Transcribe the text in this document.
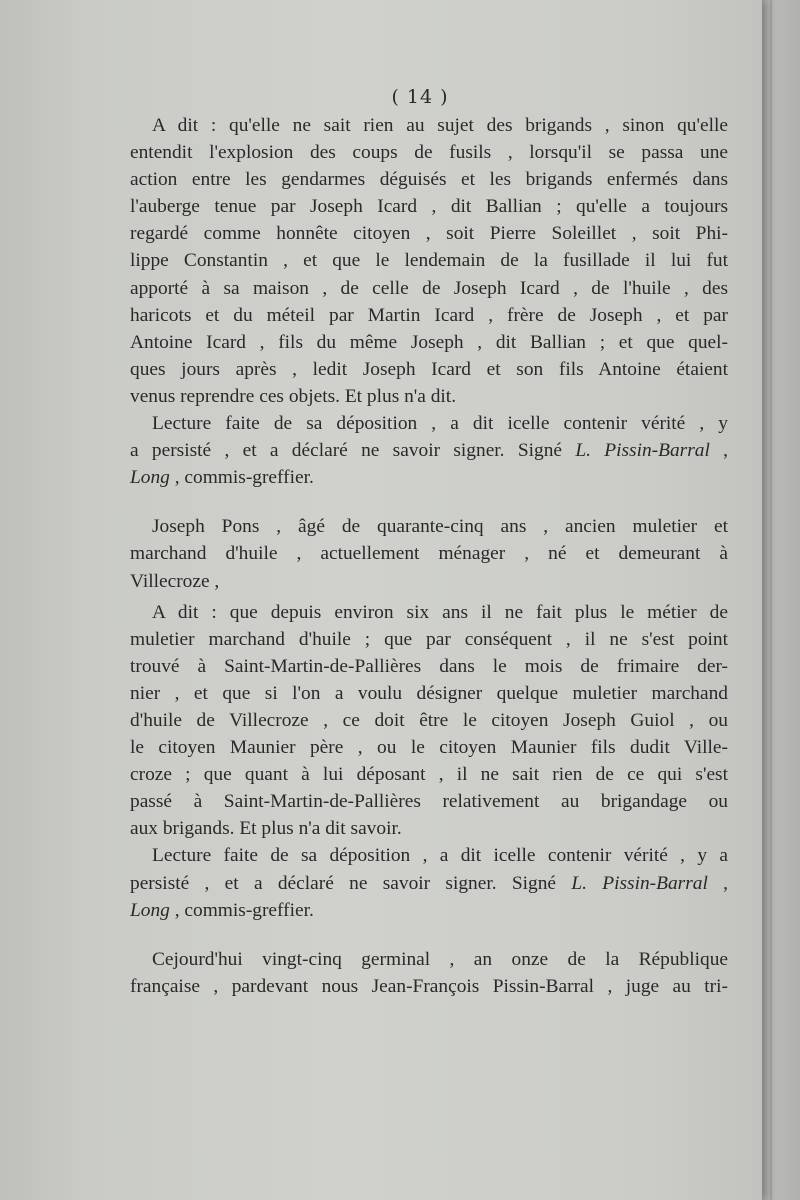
( 14 )
A dit : qu'elle ne sait rien au sujet des brigands , sinon qu'elle
entendit l'explosion des coups de fusils , lorsqu'il se passa une
action entre les gendarmes déguisés et les brigands enfermés dans
l'auberge tenue par Joseph Icard , dit Ballian ; qu'elle a toujours
regardé comme honnête citoyen , soit Pierre Soleillet , soit Phi-
lippe Constantin , et que le lendemain de la fusillade il lui fut
apporté à sa maison , de celle de Joseph Icard , de l'huile , des
haricots et du méteil par Martin Icard , frère de Joseph , et par
Antoine Icard , fils du même Joseph , dit Ballian ; et que quel-
ques jours après , ledit Joseph Icard et son fils Antoine étaient
venus reprendre ces objets. Et plus n'a dit.
Lecture faite de sa déposition , a dit icelle contenir vérité , y
a persisté , et a déclaré ne savoir signer. Signé L. Pissin-Barral ,
Long , commis-greffier.
Joseph Pons , âgé de quarante-cinq ans , ancien muletier et
marchand d'huile , actuellement ménager , né et demeurant à
Villecroze ,
A dit : que depuis environ six ans il ne fait plus le métier de
muletier marchand d'huile ; que par conséquent , il ne s'est point
trouvé à Saint-Martin-de-Pallières dans le mois de frimaire der-
nier , et que si l'on a voulu désigner quelque muletier marchand
d'huile de Villecroze , ce doit être le citoyen Joseph Guiol , ou
le citoyen Maunier père , ou le citoyen Maunier fils dudit Ville-
croze ; que quant à lui déposant , il ne sait rien de ce qui s'est
passé à Saint-Martin-de-Pallières relativement au brigandage ou
aux brigands. Et plus n'a dit savoir.
Lecture faite de sa déposition , a dit icelle contenir vérité , y a
persisté , et a déclaré ne savoir signer. Signé L. Pissin-Barral ,
Long , commis-greffier.
Cejourd'hui vingt-cinq germinal , an onze de la République
française , pardevant nous Jean-François Pissin-Barral , juge au tri-
